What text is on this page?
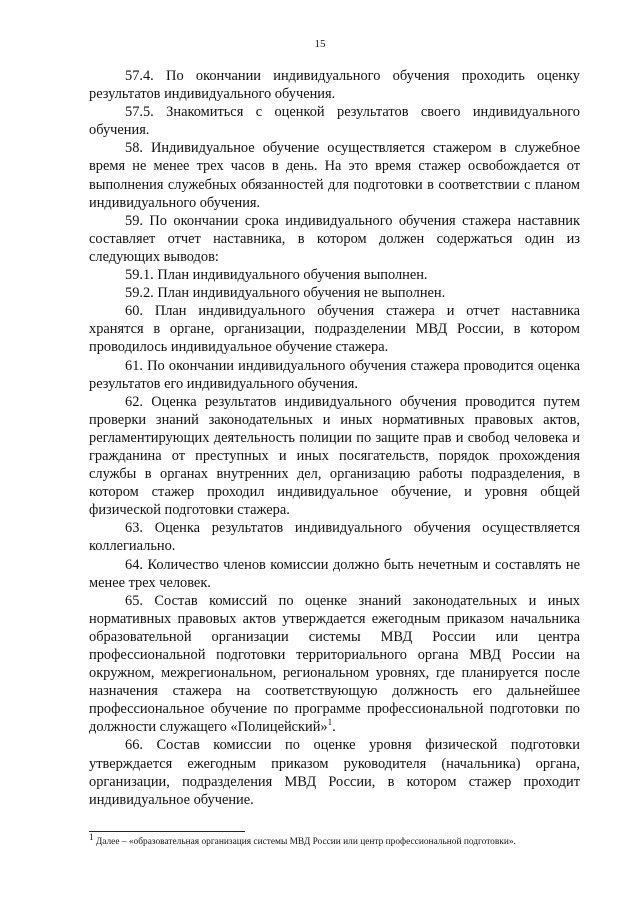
15

57.4. По окончании индивидуального обучения проходить оценку результатов индивидуального обучения.

57.5. Знакомиться с оценкой результатов своего индивидуального обучения.

58. Индивидуальное обучение осуществляется стажером в служебное время не менее трех часов в день. На это время стажер освобождается от выполнения служебных обязанностей для подготовки в соответствии с планом индивидуального обучения.

59. По окончании срока индивидуального обучения стажера наставник составляет отчет наставника, в котором должен содержаться один из следующих выводов:

59.1. План индивидуального обучения выполнен.

59.2. План индивидуального обучения не выполнен.

60. План индивидуального обучения стажера и отчет наставника хранятся в органе, организации, подразделении МВД России, в котором проводилось индивидуальное обучение стажера.

61. По окончании индивидуального обучения стажера проводится оценка результатов его индивидуального обучения.

62. Оценка результатов индивидуального обучения проводится путем проверки знаний законодательных и иных нормативных правовых актов, регламентирующих деятельность полиции по защите прав и свобод человека и гражданина от преступных и иных посягательств, порядок прохождения службы в органах внутренних дел, организацию работы подразделения, в котором стажер проходил индивидуальное обучение, и уровня общей физической подготовки стажера.

63. Оценка результатов индивидуального обучения осуществляется коллегиально.

64. Количество членов комиссии должно быть нечетным и составлять не менее трех человек.

65. Состав комиссий по оценке знаний законодательных и иных нормативных правовых актов утверждается ежегодным приказом начальника образовательной организации системы МВД России или центра профессиональной подготовки территориального органа МВД России на окружном, межрегиональном, региональном уровнях, где планируется после назначения стажера на соответствующую должность его дальнейшее профессиональное обучение по программе профессиональной подготовки по должности служащего «Полицейский»$^1$.

66. Состав комиссии по оценке уровня физической подготовки утверждается ежегодным приказом руководителя (начальника) органа, организации, подразделения МВД России, в котором стажер проходит индивидуальное обучение.

$^1$ Далее – «образовательная организация системы МВД России или центр профессиональной подготовки».
